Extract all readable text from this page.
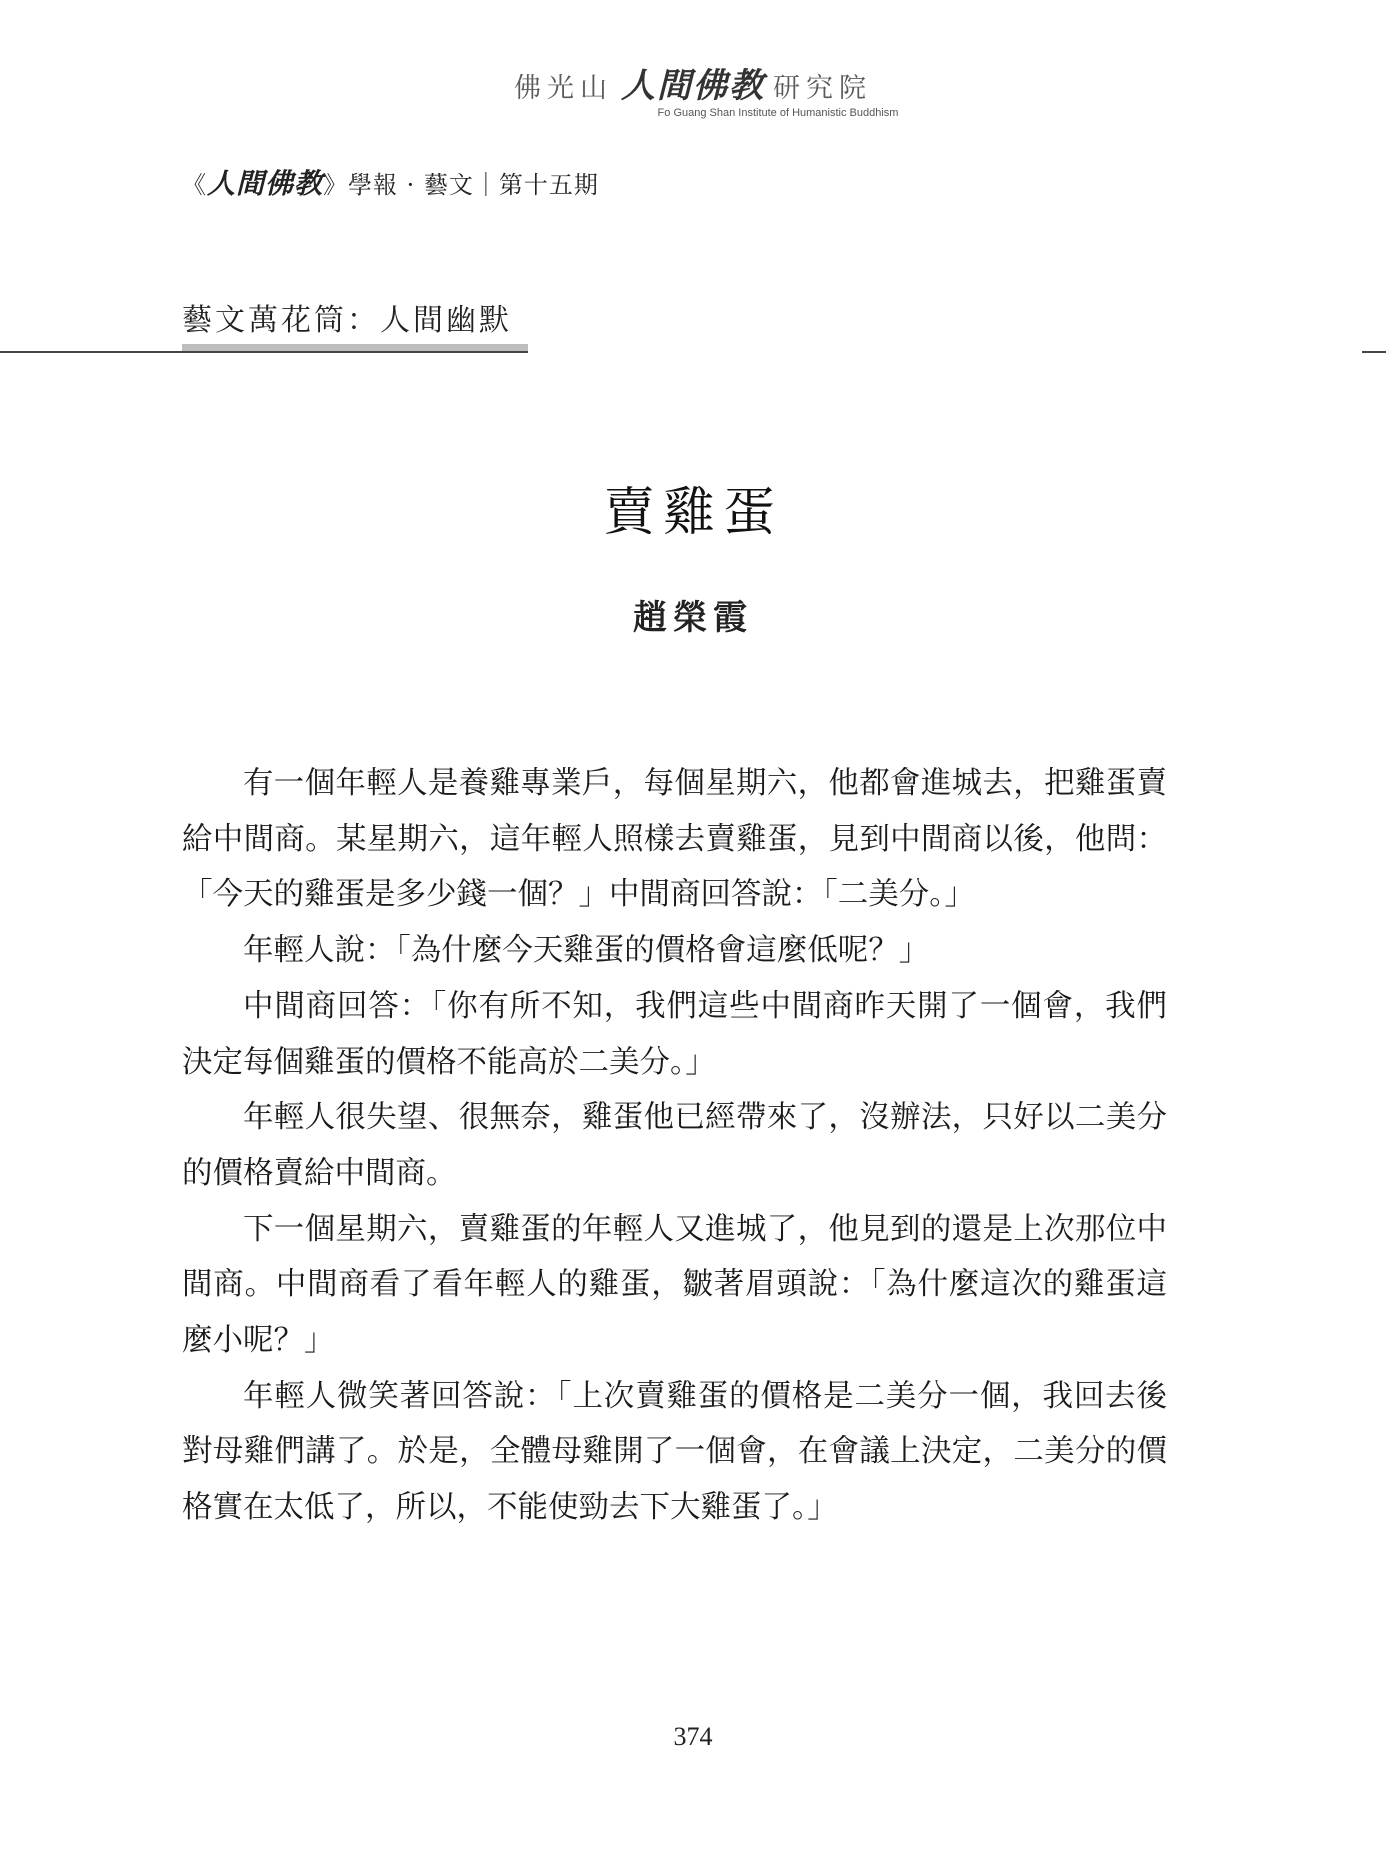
佛光山 人間佛教 研究院
Fo Guang Shan Institute of Humanistic Buddhism
《人間佛教》學報 · 藝文｜第十五期
藝文萬花筒：人間幽默
賣雞蛋
趙榮霞

有一個年輕人是養雞專業戶，每個星期六，他都會進城去，把雞蛋賣給中間商。某星期六，這年輕人照樣去賣雞蛋，見到中間商以後，他問：「今天的雞蛋是多少錢一個？」中間商回答說：「二美分。」

年輕人說：「為什麼今天雞蛋的價格會這麼低呢？」

中間商回答：「你有所不知，我們這些中間商昨天開了一個會，我們決定每個雞蛋的價格不能高於二美分。」

年輕人很失望、很無奈，雞蛋他已經帶來了，沒辦法，只好以二美分的價格賣給中間商。

下一個星期六，賣雞蛋的年輕人又進城了，他見到的還是上次那位中間商。中間商看了看年輕人的雞蛋，皺著眉頭說：「為什麼這次的雞蛋這麼小呢？」

年輕人微笑著回答說：「上次賣雞蛋的價格是二美分一個，我回去後對母雞們講了。於是，全體母雞開了一個會，在會議上決定，二美分的價格實在太低了，所以，不能使勁去下大雞蛋了。」

374
